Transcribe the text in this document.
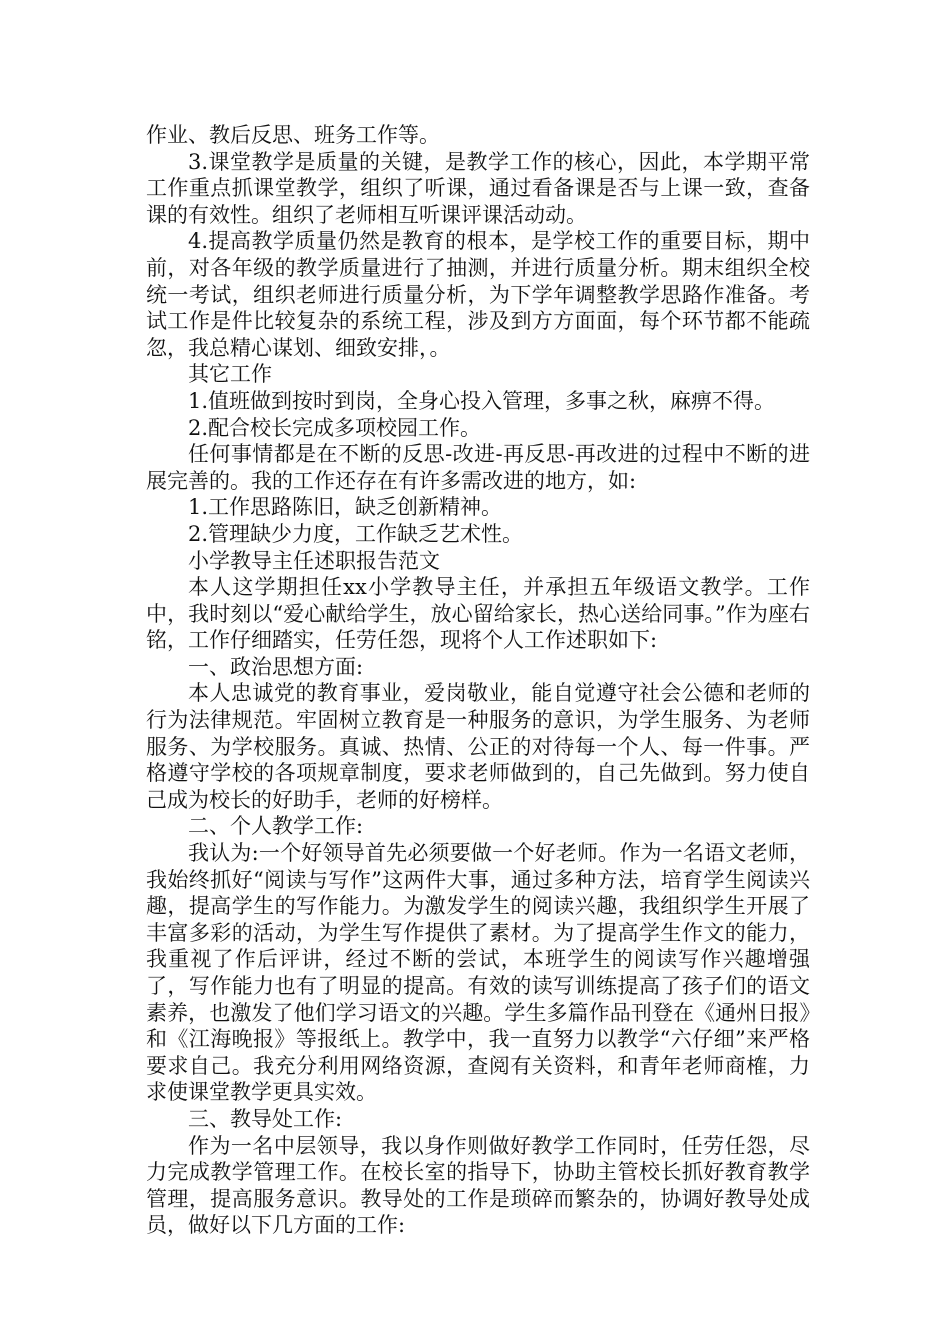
作业、教后反思、班务工作等。

3.课堂教学是质量的关键，是教学工作的核心，因此，本学期平常工作重点抓课堂教学，组织了听课，通过看备课是否与上课一致，查备课的有效性。组织了老师相互听课评课活动动。

4.提高教学质量仍然是教育的根本，是学校工作的重要目标，期中前，对各年级的教学质量进行了抽测，并进行质量分析。期末组织全校统一考试，组织老师进行质量分析，为下学年调整教学思路作准备。考试工作是件比较复杂的系统工程，涉及到方方面面，每个环节都不能疏忽，我总精心谋划、细致安排，。

其它工作

1.值班做到按时到岗，全身心投入管理，多事之秋，麻痹不得。

2.配合校长完成多项校园工作。

任何事情都是在不断的反思-改进-再反思-再改进的过程中不断的进展完善的。我的工作还存在有许多需改进的地方，如:

1.工作思路陈旧，缺乏创新精神。

2.管理缺少力度，工作缺乏艺术性。

小学教导主任述职报告范文

本人这学期担任xx小学教导主任，并承担五年级语文教学。工作中，我时刻以“爱心献给学生，放心留给家长，热心送给同事。”作为座右铭，工作仔细踏实，任劳任怨，现将个人工作述职如下:

一、政治思想方面:

本人忠诚党的教育事业，爱岗敬业，能自觉遵守社会公德和老师的行为法律规范。牢固树立教育是一种服务的意识，为学生服务、为老师服务、为学校服务。真诚、热情、公正的对待每一个人、每一件事。严格遵守学校的各项规章制度，要求老师做到的，自己先做到。努力使自己成为校长的好助手，老师的好榜样。

二、个人教学工作:

我认为:一个好领导首先必须要做一个好老师。作为一名语文老师，我始终抓好“阅读与写作”这两件大事，通过多种方法，培育学生阅读兴趣，提高学生的写作能力。为激发学生的阅读兴趣，我组织学生开展了丰富多彩的活动，为学生写作提供了素材。为了提高学生作文的能力，我重视了作后评讲，经过不断的尝试，本班学生的阅读写作兴趣增强了，写作能力也有了明显的提高。有效的读写训练提高了孩子们的语文素养，也激发了他们学习语文的兴趣。学生多篇作品刊登在《通州日报》和《江海晚报》等报纸上。教学中，我一直努力以教学“六仔细”来严格要求自己。我充分利用网络资源，查阅有关资料，和青年老师商榷，力求使课堂教学更具实效。

三、教导处工作:

作为一名中层领导，我以身作则做好教学工作同时，任劳任怨，尽力完成教学管理工作。在校长室的指导下，协助主管校长抓好教育教学管理，提高服务意识。教导处的工作是琐碎而繁杂的，协调好教导处成员，做好以下几方面的工作:
